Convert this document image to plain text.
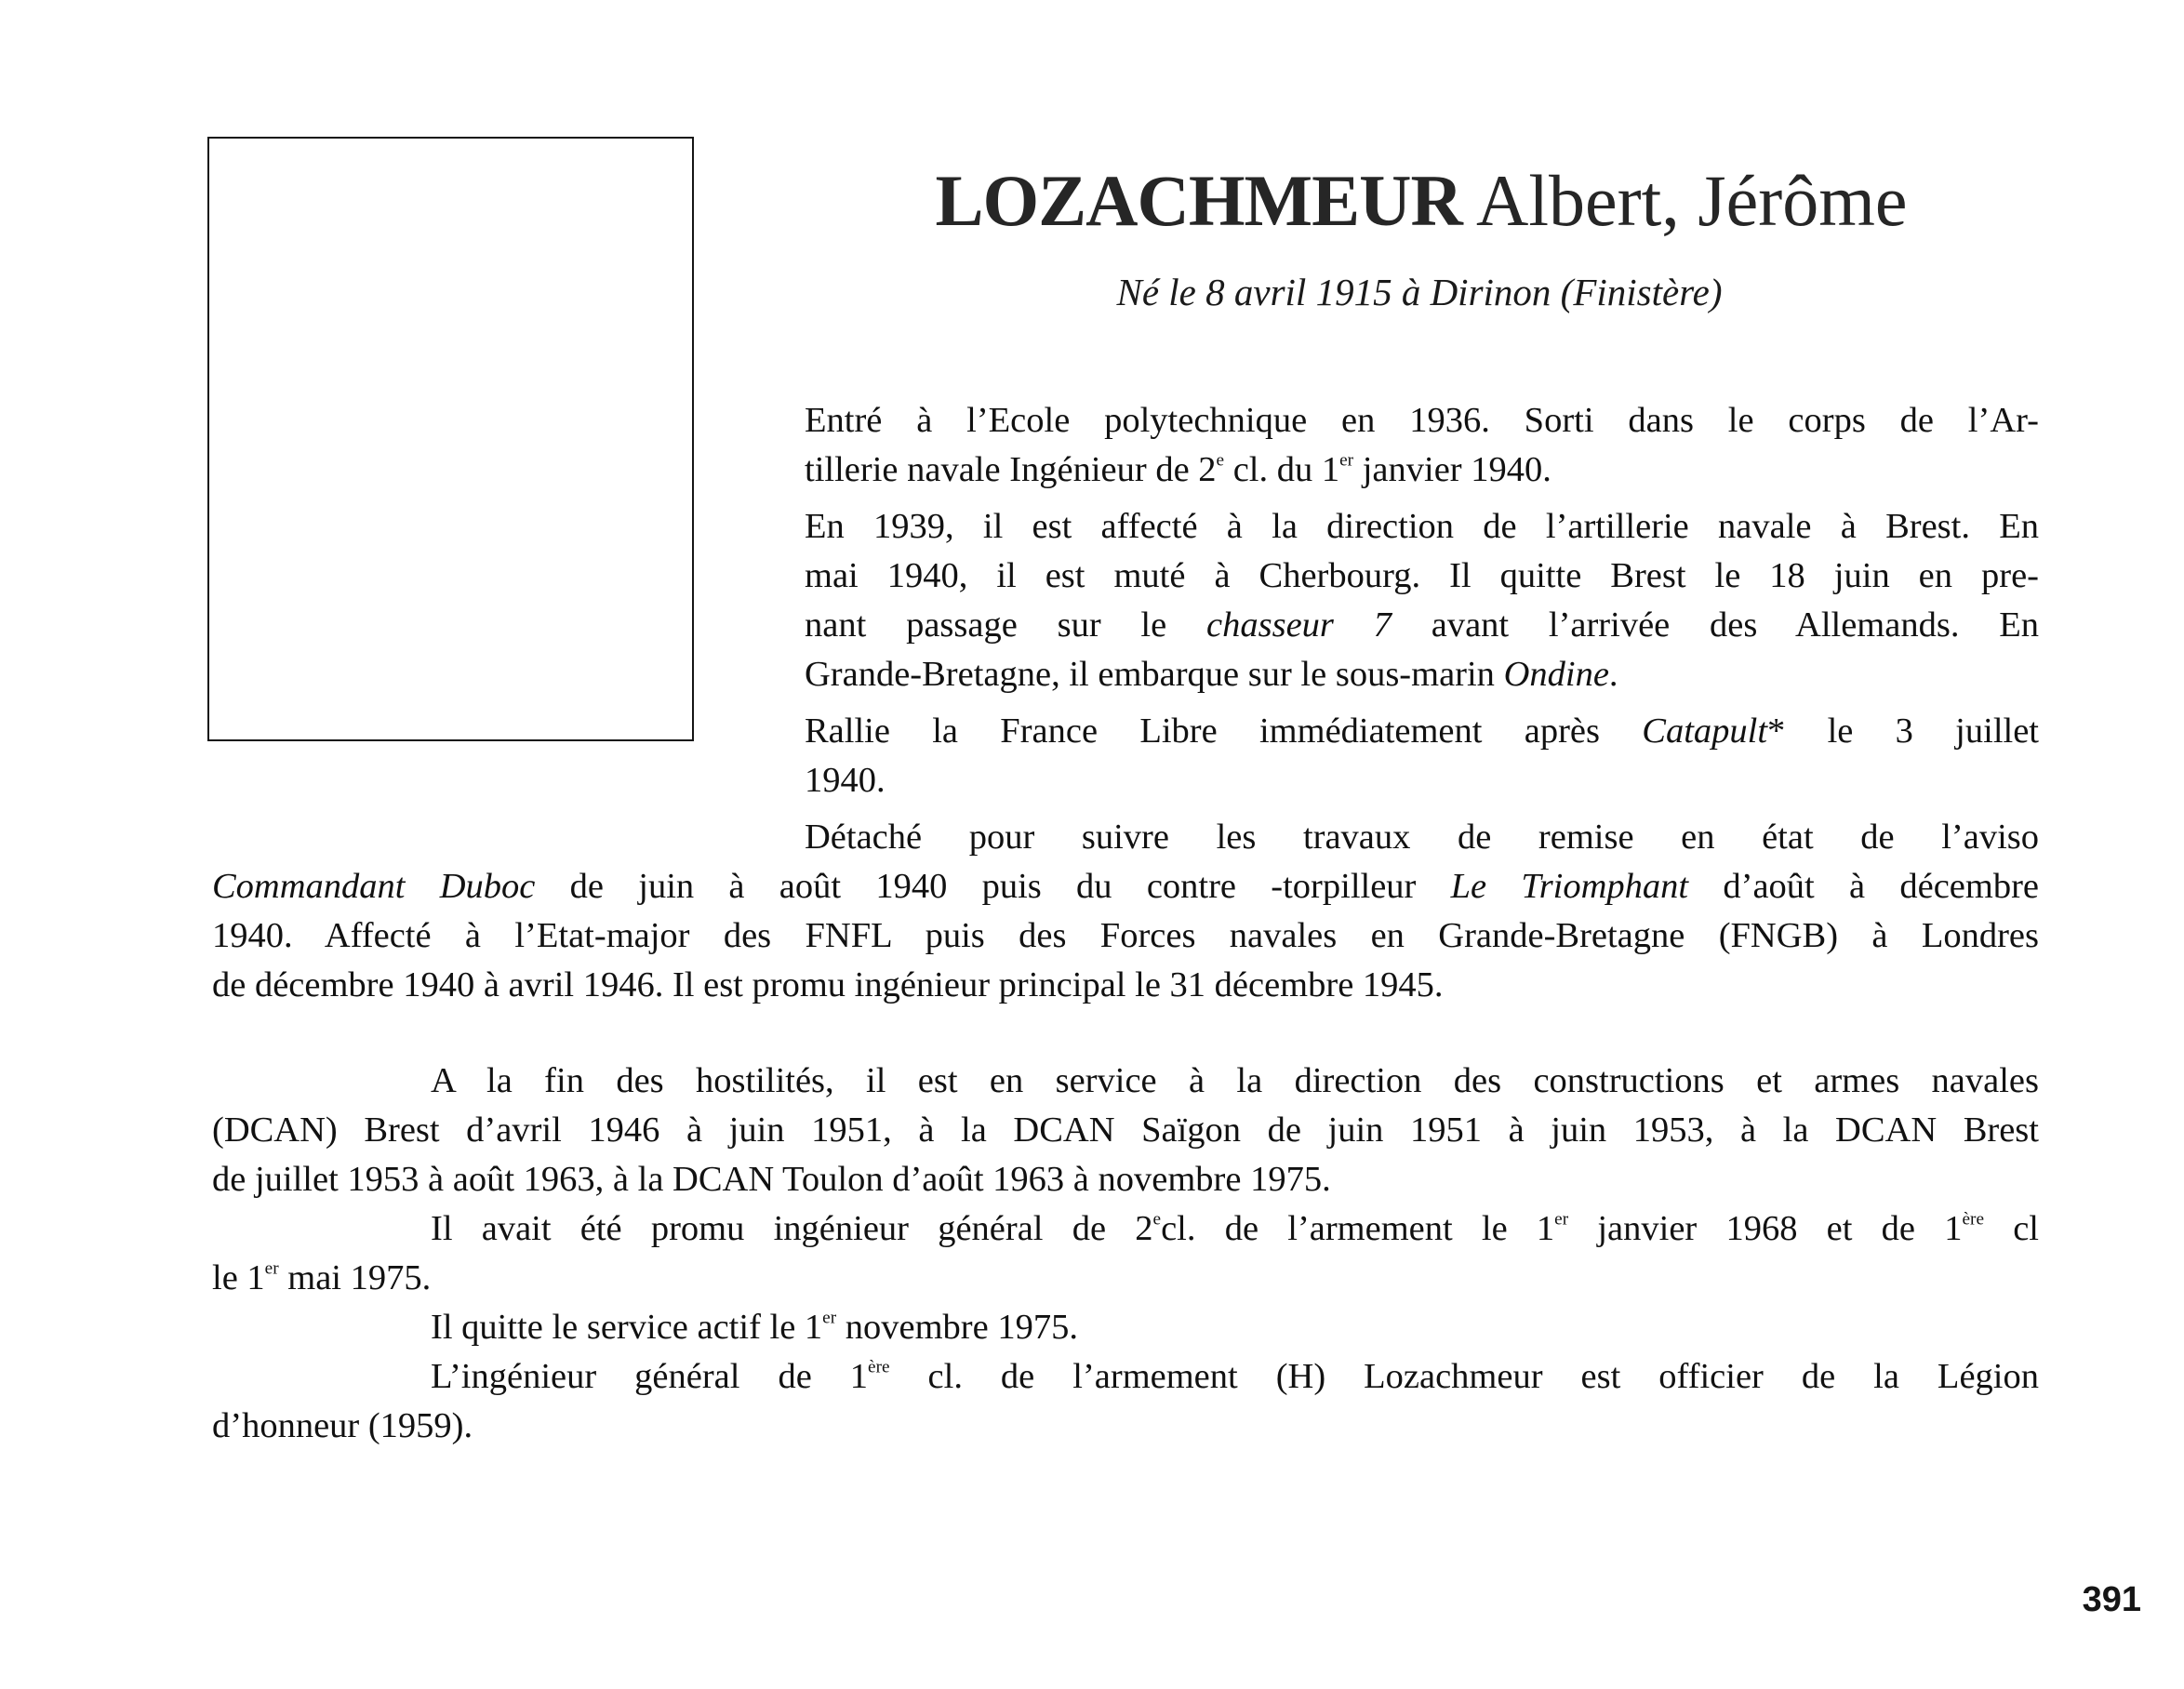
LOZACHMEUR Albert, Jérôme
Né le 8 avril 1915 à Dirinon (Finistère)
Entré à l’Ecole polytechnique en 1936. Sorti dans le corps de l’Ar-
tillerie navale Ingénieur de 2e cl. du 1er janvier 1940.
En 1939, il est affecté à la direction de l’artillerie navale à Brest. En
mai 1940, il est muté à Cherbourg. Il quitte Brest le 18 juin en pre-
nant passage sur le chasseur 7 avant l’arrivée des Allemands. En
Grande-Bretagne, il embarque sur le sous-marin Ondine.
Rallie la France Libre immédiatement après Catapult* le 3 juillet
1940.
Détaché pour suivre les travaux de remise en état de l’aviso
Commandant Duboc de juin à août 1940 puis du contre -torpilleur Le Triomphant d’août à décembre
1940. Affecté à l’Etat-major des FNFL puis des Forces navales en Grande-Bretagne (FNGB) à Londres
de décembre 1940 à avril 1946. Il est promu ingénieur principal le 31 décembre 1945.
A la fin des hostilités, il est en service à la direction des constructions et armes navales
(DCAN) Brest d’avril 1946 à juin 1951, à la DCAN Saïgon de juin 1951 à juin 1953, à la DCAN Brest
de juillet 1953 à août 1963, à la DCAN Toulon d’août 1963 à novembre 1975.
Il avait été promu ingénieur général de 2ecl. de l’armement le 1er janvier 1968 et de 1ère cl
le 1er mai 1975.
Il quitte le service actif le 1er novembre 1975.
L’ingénieur général de 1ère cl. de l’armement (H) Lozachmeur est officier de la Légion
d’honneur (1959).
391
